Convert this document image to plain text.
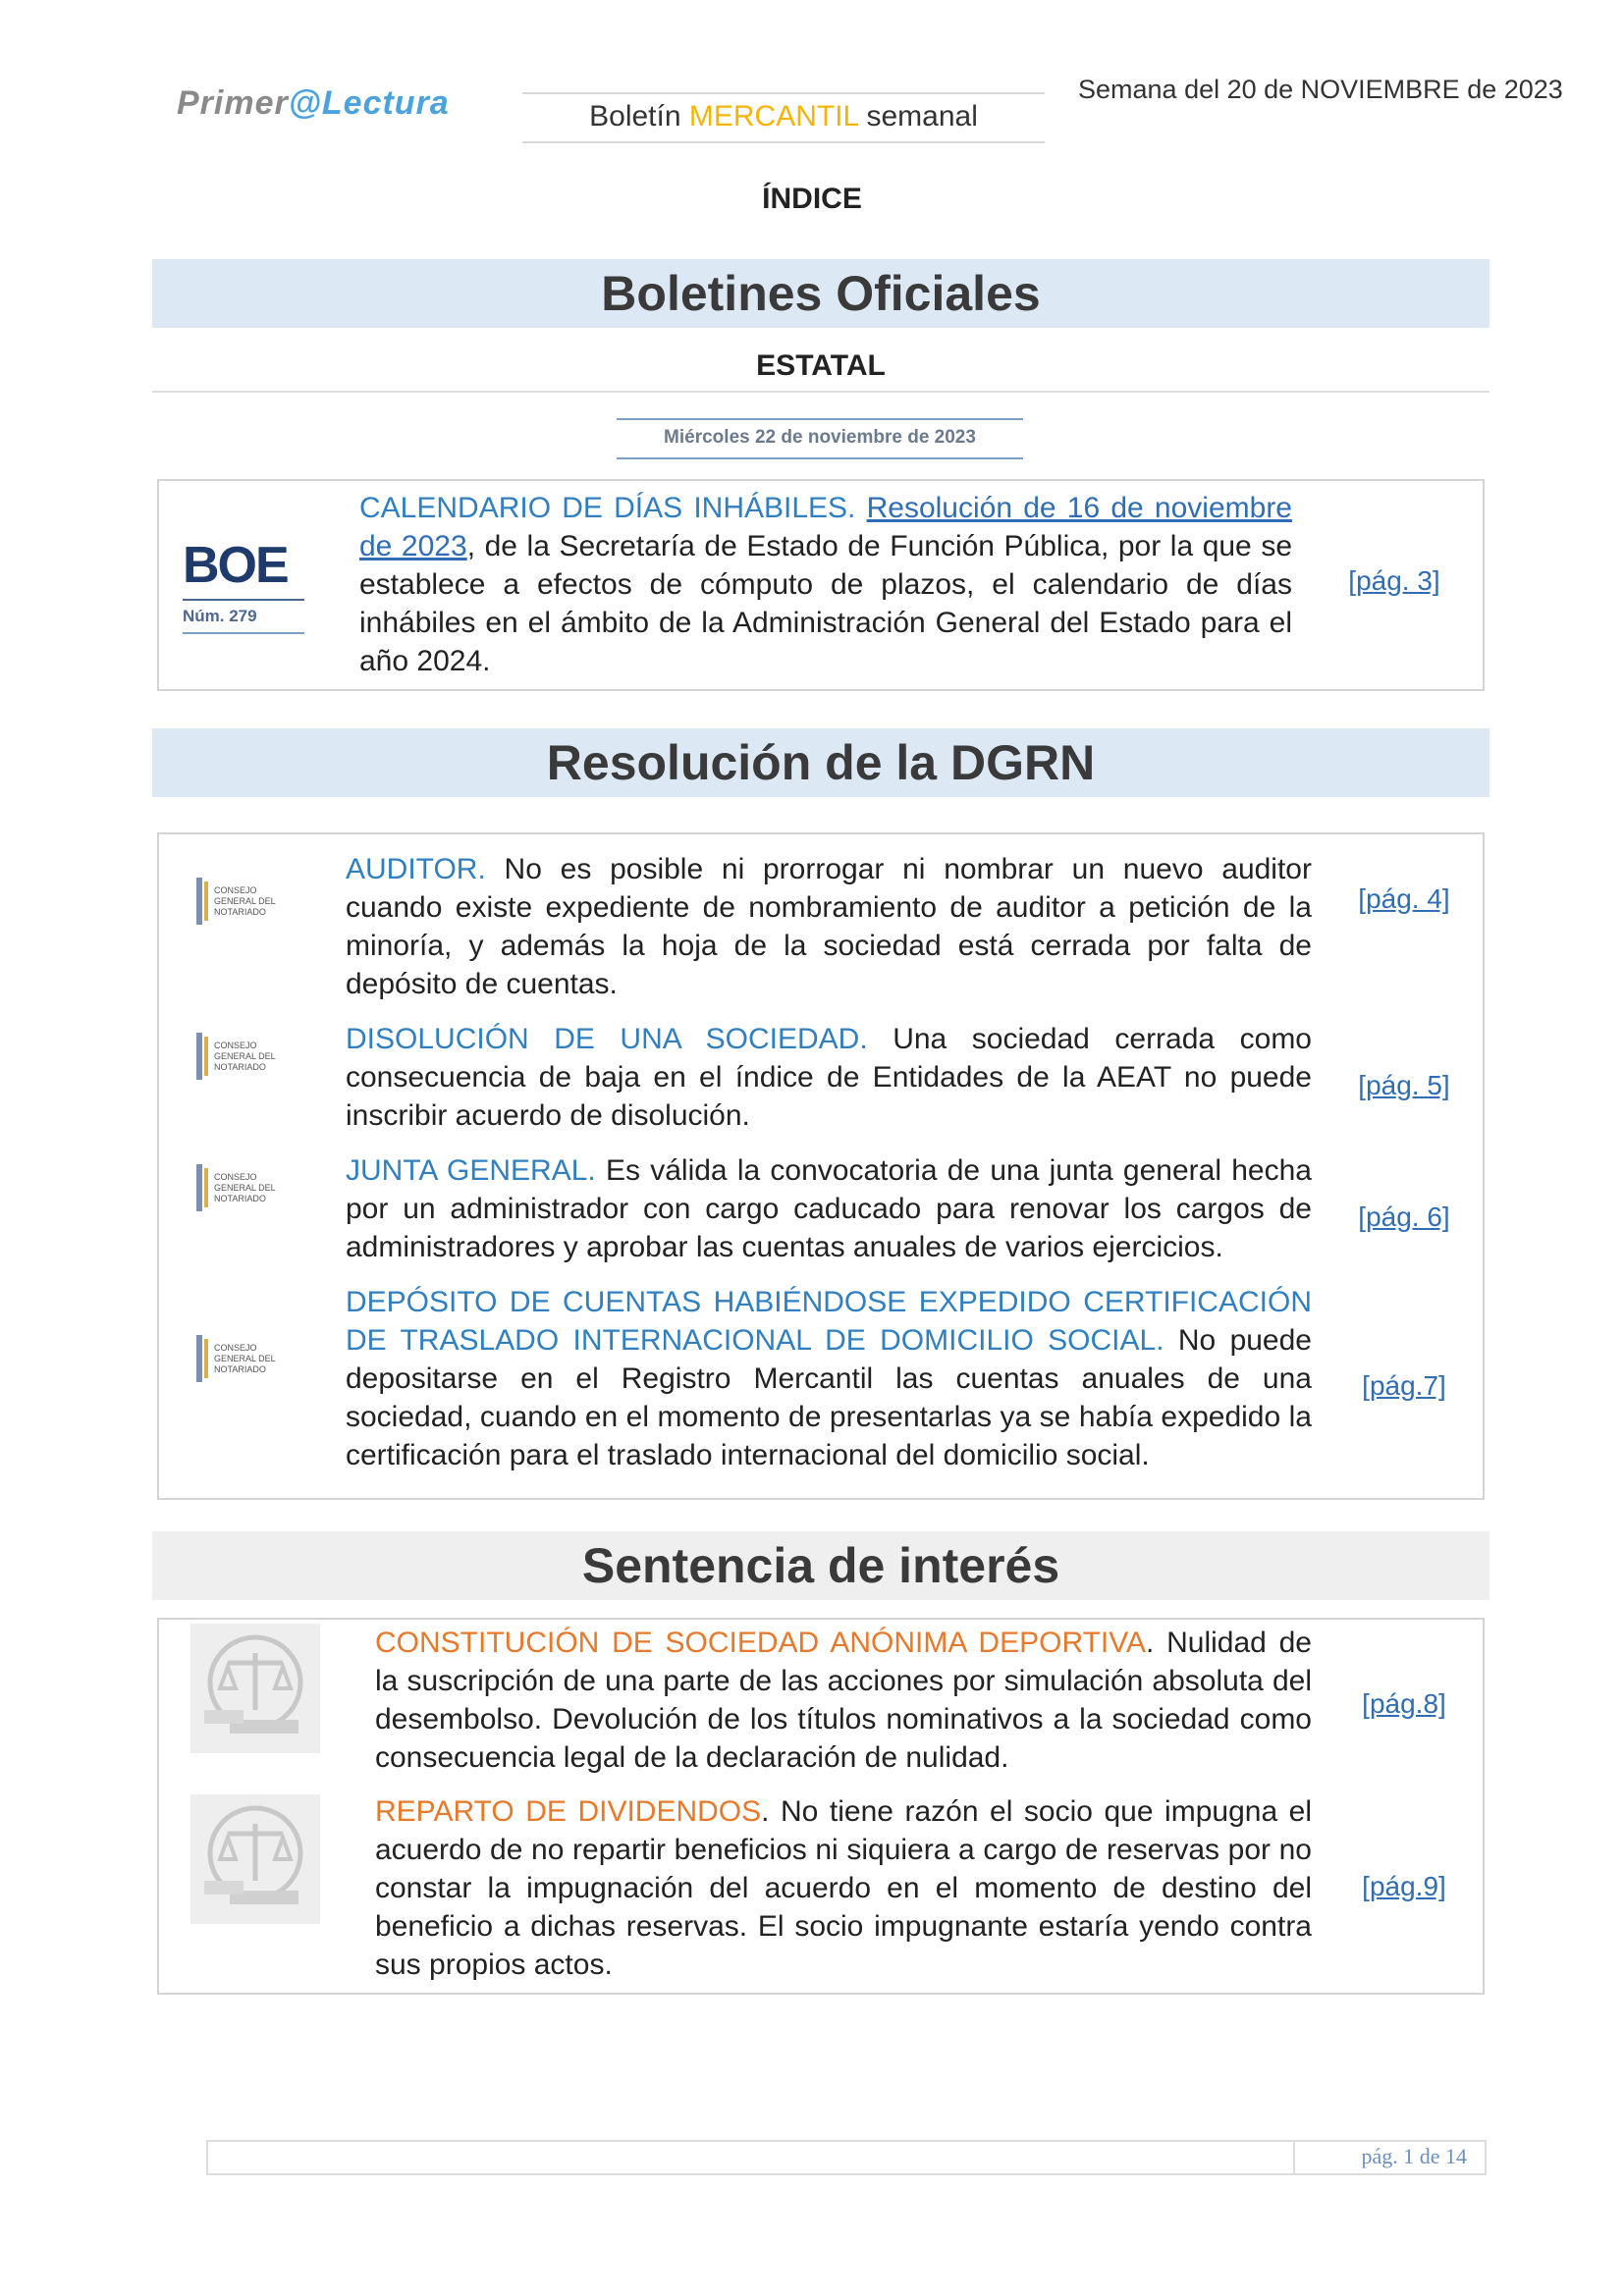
Primer@Lectura	Boletín MERCANTIL semanal
Semana del 20 de NOVIEMBRE de 2023
ÍNDICE
Boletines Oficiales
ESTATAL
Miércoles 22 de noviembre de 2023
BOE
Núm. 279
CALENDARIO DE DÍAS INHÁBILES. Resolución de 16 de noviembre de 2023, de la Secretaría de Estado de Función Pública, por la que se establece a efectos de cómputo de plazos, el calendario de días inhábiles en el ámbito de la Administración General del Estado para el año 2024.
[pág. 3]
Resolución de la DGRN
CONSEJO GENERAL DEL NOTARIADO
AUDITOR. No es posible ni prorrogar ni nombrar un nuevo auditor cuando existe expediente de nombramiento de auditor a petición de la minoría, y además la hoja de la sociedad está cerrada por falta de depósito de cuentas.
[pág. 4]
CONSEJO GENERAL DEL NOTARIADO
DISOLUCIÓN DE UNA SOCIEDAD. Una sociedad cerrada como consecuencia de baja en el índice de Entidades de la AEAT no puede inscribir acuerdo de disolución.
[pág. 5]
CONSEJO GENERAL DEL NOTARIADO
JUNTA GENERAL. Es válida la convocatoria de una junta general hecha por un administrador con cargo caducado para renovar los cargos de administradores y aprobar las cuentas anuales de varios ejercicios.
[pág. 6]
CONSEJO GENERAL DEL NOTARIADO
DEPÓSITO DE CUENTAS HABIÉNDOSE EXPEDIDO CERTIFICACIÓN DE TRASLADO INTERNACIONAL DE DOMICILIO SOCIAL. No puede depositarse en el Registro Mercantil las cuentas anuales de una sociedad, cuando en el momento de presentarlas ya se había expedido la certificación para el traslado internacional del domicilio social.
[pág.7]
Sentencia de interés
CONSTITUCIÓN DE SOCIEDAD ANÓNIMA DEPORTIVA. Nulidad de la suscripción de una parte de las acciones por simulación absoluta del desembolso. Devolución de los títulos nominativos a la sociedad como consecuencia legal de la declaración de nulidad.
[pág.8]
REPARTO DE DIVIDENDOS. No tiene razón el socio que impugna el acuerdo de no repartir beneficios ni siquiera a cargo de reservas por no constar la impugnación del acuerdo en el momento de destino del beneficio a dichas reservas. El socio impugnante estaría yendo contra sus propios actos.
[pág.9]
pág. 1 de 14
